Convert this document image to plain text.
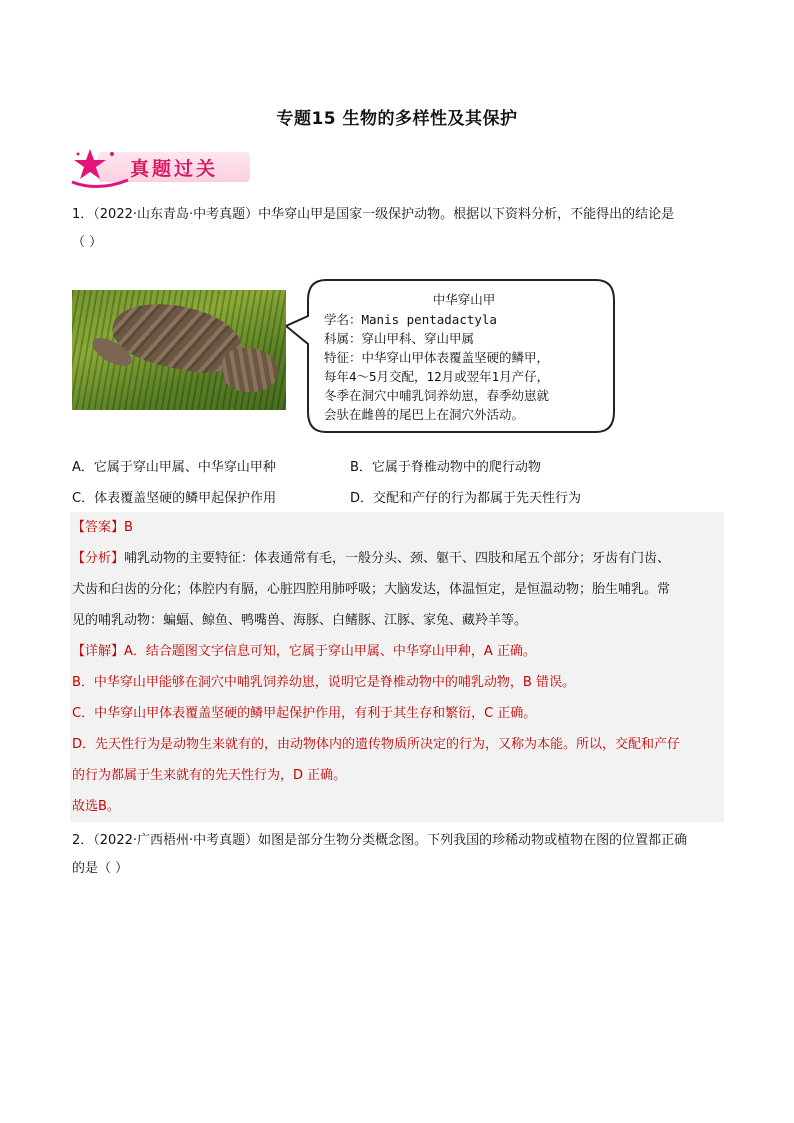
专题15 生物的多样性及其保护
真题过关
1．（2022·山东青岛·中考真题）中华穿山甲是国家一级保护动物。根据以下资料分析，不能得出的结论是
（ ）
中华穿山甲
学名：Manis pentadactyla
科属：穿山甲科、穿山甲属
特征：中华穿山甲体表覆盖坚硬的鳞甲，
每年4～5月交配，12月或翌年1月产仔，
冬季在洞穴中哺乳饲养幼崽，春季幼崽就
会驮在雌兽的尾巴上在洞穴外活动。
A．它属于穿山甲属、中华穿山甲种	B．它属于脊椎动物中的爬行动物
C．体表覆盖坚硬的鳞甲起保护作用	D．交配和产仔的行为都属于先天性行为
【答案】B
【分析】哺乳动物的主要特征：体表通常有毛，一般分头、颈、躯干、四肢和尾五个部分；牙齿有门齿、
犬齿和臼齿的分化；体腔内有膈，心脏四腔用肺呼吸；大脑发达，体温恒定，是恒温动物；胎生哺乳。常
见的哺乳动物：蝙蝠、鲸鱼、鸭嘴兽、海豚、白鳍豚、江豚、家兔、藏羚羊等。
【详解】A．结合题图文字信息可知，它属于穿山甲属、中华穿山甲种，A 正确。
B．中华穿山甲能够在洞穴中哺乳饲养幼崽，说明它是脊椎动物中的哺乳动物，B 错误。
C．中华穿山甲体表覆盖坚硬的鳞甲起保护作用，有利于其生存和繁衍，C 正确。
D．先天性行为是动物生来就有的，由动物体内的遗传物质所决定的行为，又称为本能。所以，交配和产仔
的行为都属于生来就有的先天性行为，D 正确。
故选B。
2．（2022·广西梧州·中考真题）如图是部分生物分类概念图。下列我国的珍稀动物或植物在图的位置都正确
的是（ ）
